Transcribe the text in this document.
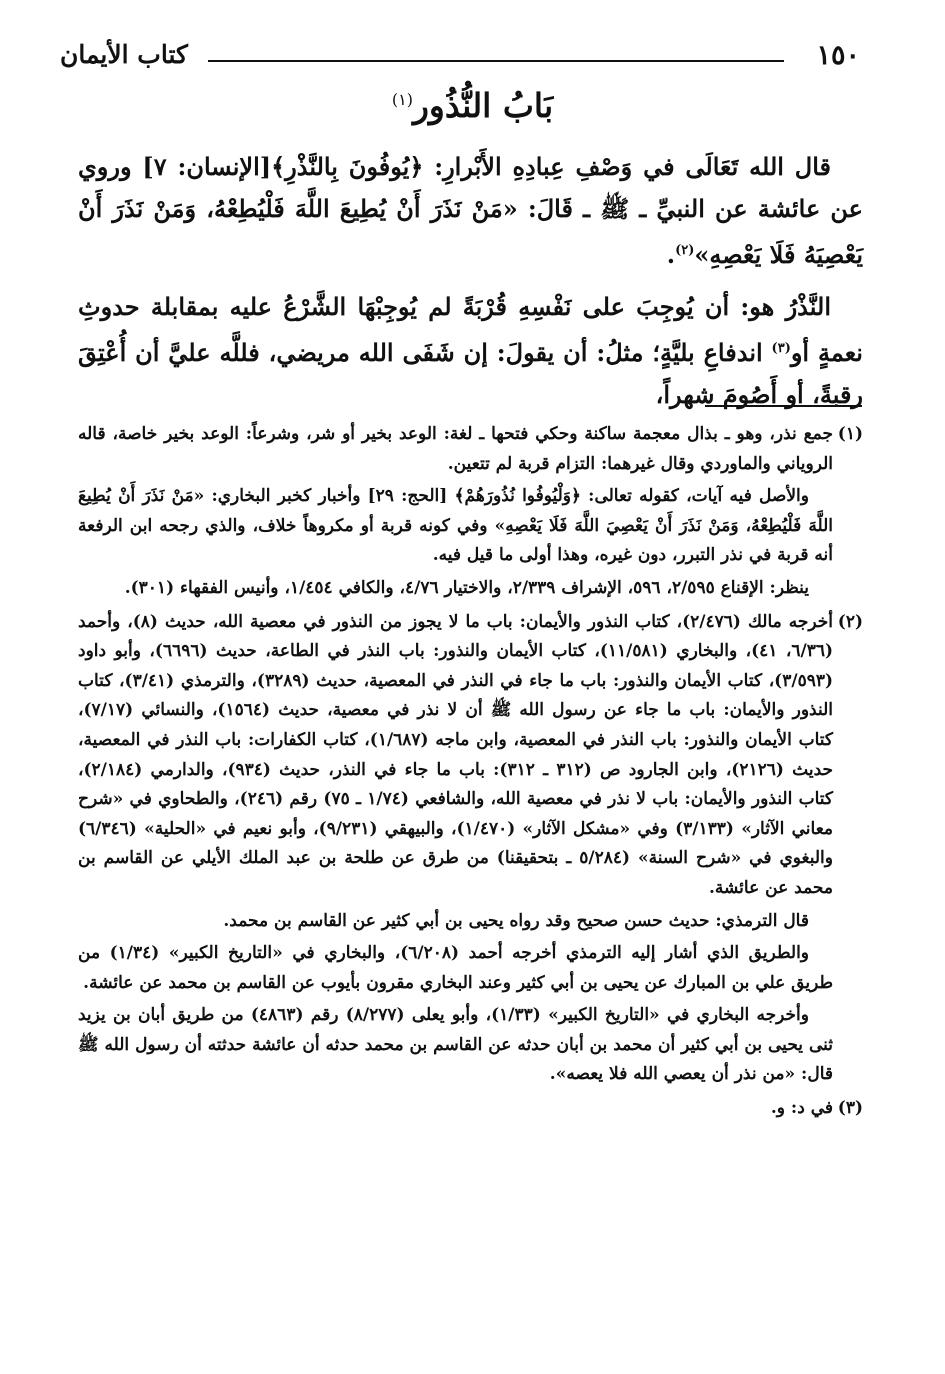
١٥٠
كتاب الأيمان
بَابُ النُّذُور$^{(١)}$
قال الله تَعَالَى في وَصْفِ عِبادِهِ الأَبْرارِ: ﴿يُوفُونَ بِالنَّذْرِ﴾[الإنسان: ٧] وروي عن عائشة عن النبيِّ ـ ﷺ ـ قَالَ: «مَنْ نَذَرَ أَنْ يُطِيعَ اللَّهَ فَلْيُطِعْهُ، وَمَنْ نَذَرَ أَنْ يَعْصِيَهُ فَلَا يَعْصِهِ»$^{(٢)}$.
النَّذْرُ هو: أن يُوجِبَ على نَفْسِهِ قُرْبَةً لم يُوجِبْهَا الشَّرْعُ عليه بمقابلة حدوثِ نعمةٍ أو$^{(٣)}$ اندفاعِ بليَّةٍ؛ مثلُ: أن يقولَ: إن شَفَى الله مريضي، فللَّه عليَّ أن أُعْتِقَ رقبةً، أو أَصُومَ شهراً،
(١)

جمع نذر، وهو ـ بذال معجمة ساكنة وحكي فتحها ـ لغة: الوعد بخير أو شر، وشرعاً: الوعد بخير خاصة، قاله الروياني والماوردي وقال غيرهما: التزام قربة لم تتعين.

والأصل فيه آيات، كقوله تعالى: ﴿وَلْيُوفُوا نُذُورَهُمْ﴾ [الحج: ٢٩] وأخبار كخبر البخاري: «مَنْ نَذَرَ أَنْ يُطِيعَ اللَّهَ فَلْيُطِعْهُ، وَمَنْ نَذَرَ أَنْ يَعْصِيَ اللَّهَ فَلَا يَعْصِهِ» وفي كونه قربة أو مكروهاً خلاف، والذي رجحه ابن الرفعة أنه قربة في نذر التبرر، دون غيره، وهذا أولى ما قيل فيه.

ينظر: الإقناع ٢/٥٩٥، ٥٩٦، الإشراف ٢/٣٣٩، والاختيار ٤/٧٦، والكافي ١/٤٥٤، وأنيس الفقهاء (٣٠١).

(٢)

أخرجه مالك (٢/٤٧٦)، كتاب النذور والأيمان: باب ما لا يجوز من النذور في معصية الله، حديث (٨)، وأحمد (٦/٣٦، ٤١)، والبخاري (١١/٥٨١)، كتاب الأيمان والنذور: باب النذر في الطاعة، حديث (٦٦٩٦)، وأبو داود (٣/٥٩٣)، كتاب الأيمان والنذور: باب ما جاء في النذر في المعصية، حديث (٣٢٨٩)، والترمذي (٣/٤١)، كتاب النذور والأيمان: باب ما جاء عن رسول الله ﷺ أن لا نذر في معصية، حديث (١٥٦٤)، والنسائي (٧/١٧)، كتاب الأيمان والنذور: باب النذر في المعصية، وابن ماجه (١/٦٨٧)، كتاب الكفارات: باب النذر في المعصية، حديث (٢١٢٦)، وابن الجارود ص (٣١٢ ـ ٣١٢): باب ما جاء في النذر، حديث (٩٣٤)، والدارمي (٢/١٨٤)، كتاب النذور والأيمان: باب لا نذر في معصية الله، والشافعي (١/٧٤ ـ ٧٥) رقم (٢٤٦)، والطحاوي في «شرح معاني الآثار» (٣/١٣٣) وفي «مشكل الآثار» (١/٤٧٠)، والبيهقي (٩/٢٣١)، وأبو نعيم في «الحلية» (٦/٣٤٦) والبغوي في «شرح السنة» (٥/٢٨٤ ـ بتحقيقنا) من طرق عن طلحة بن عبد الملك الأيلي عن القاسم بن محمد عن عائشة.

قال الترمذي: حديث حسن صحيح وقد رواه يحيى بن أبي كثير عن القاسم بن محمد.

والطريق الذي أشار إليه الترمذي أخرجه أحمد (٦/٢٠٨)، والبخاري في «التاريخ الكبير» (١/٣٤) من طريق علي بن المبارك عن يحيى بن أبي كثير وعند البخاري مقرون بأيوب عن القاسم بن محمد عن عائشة.

وأخرجه البخاري في «التاريخ الكبير» (١/٣٣)، وأبو يعلى (٨/٢٧٧) رقم (٤٨٦٣) من طريق أبان بن يزيد ثنى يحيى بن أبي كثير أن محمد بن أبان حدثه عن القاسم بن محمد حدثه أن عائشة حدثته أن رسول الله ﷺ قال: «من نذر أن يعصي الله فلا يعصه».

(٣)

في د: و.
